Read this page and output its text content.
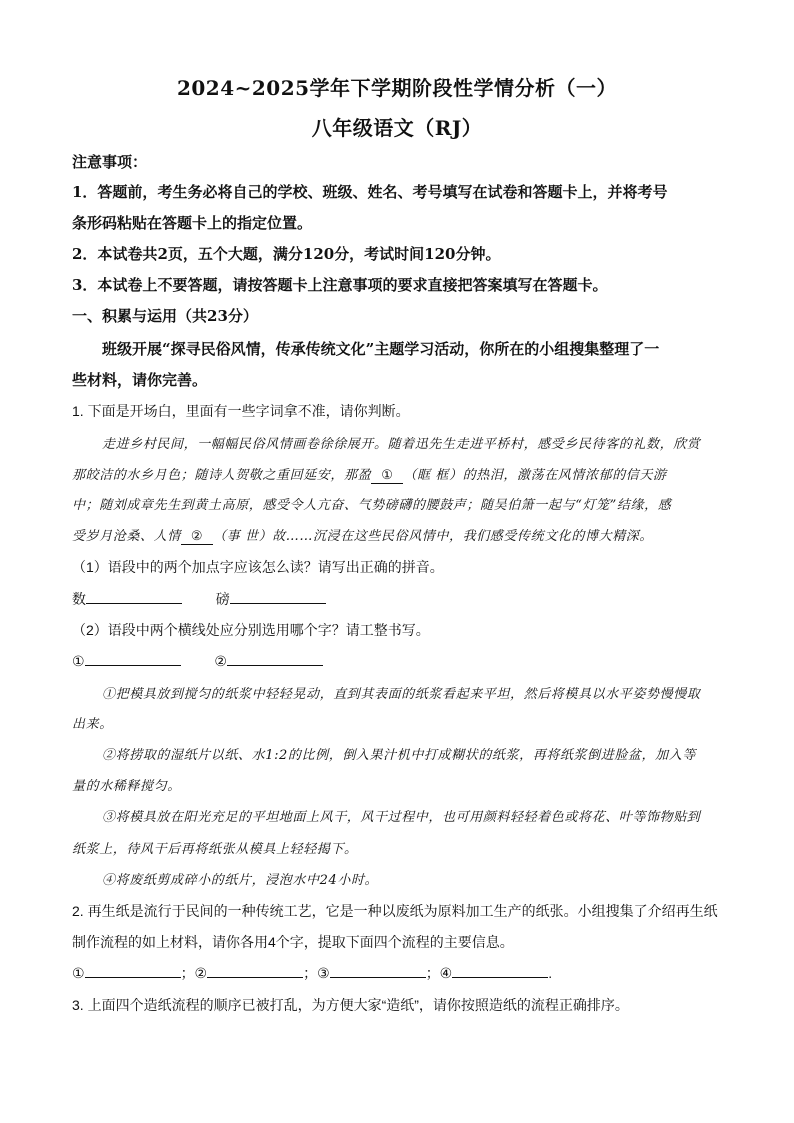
2024~2025学年下学期阶段性学情分析（一）
八年级语文（RJ）
注意事项：
1．答题前，考生务必将自己的学校、班级、姓名、考号填写在试卷和答题卡上，并将考号
条形码粘贴在答题卡上的指定位置。
2．本试卷共2页，五个大题，满分120分，考试时间120分钟。
3．本试卷上不要答题，请按答题卡上注意事项的要求直接把答案填写在答题卡。
一、积累与运用（共23分）
班级开展“探寻民俗风情，传承传统文化”主题学习活动，你所在的小组搜集整理了一
些材料，请你完善。
1. 下面是开场白，里面有一些字词拿不准，请你判断。
走进乡村民间，一幅幅民俗风情画卷徐徐展开。随着迅先生走进平桥村，感受乡民待客的礼数，欣赏
那皎洁的水乡月色；随诗人贺敬之重回延安，那盈 ① （眶 框）的热泪，激荡在风情浓郁的信天游
中；随刘成章先生到黄土高原，感受令人亢奋、气势磅礴的腰鼓声；随吴伯箫一起与“灯笼”结缘，感
受岁月沧桑、人情 ② （事 世）故……沉浸在这些民俗风情中，我们感受传统文化的博大精深。
（1）语段中的两个加点字应该怎么读？请写出正确的拼音。
数	磅
（2）语段中两个横线处应分别选用哪个字？请工整书写。
①	②
①把模具放到搅匀的纸浆中轻轻晃动，直到其表面的纸浆看起来平坦，然后将模具以水平姿势慢慢取
出来。
②将捞取的湿纸片以纸、水1:2的比例，倒入果汁机中打成糊状的纸浆，再将纸浆倒进脸盆，加入等
量的水稀释搅匀。
③将模具放在阳光充足的平坦地面上风干，风干过程中，也可用颜料轻轻着色或将花、叶等饰物贴到
纸浆上，待风干后再将纸张从模具上轻轻揭下。
④将废纸剪成碎小的纸片，浸泡水中24小时。
2. 再生纸是流行于民间的一种传统工艺，它是一种以废纸为原料加工生产的纸张。小组搜集了介绍再生纸
制作流程的如上材料，请你各用4个字，提取下面四个流程的主要信息。
①	；②	；③	；④	.
3. 上面四个造纸流程的顺序已被打乱，为方便大家“造纸”，请你按照造纸的流程正确排序。
